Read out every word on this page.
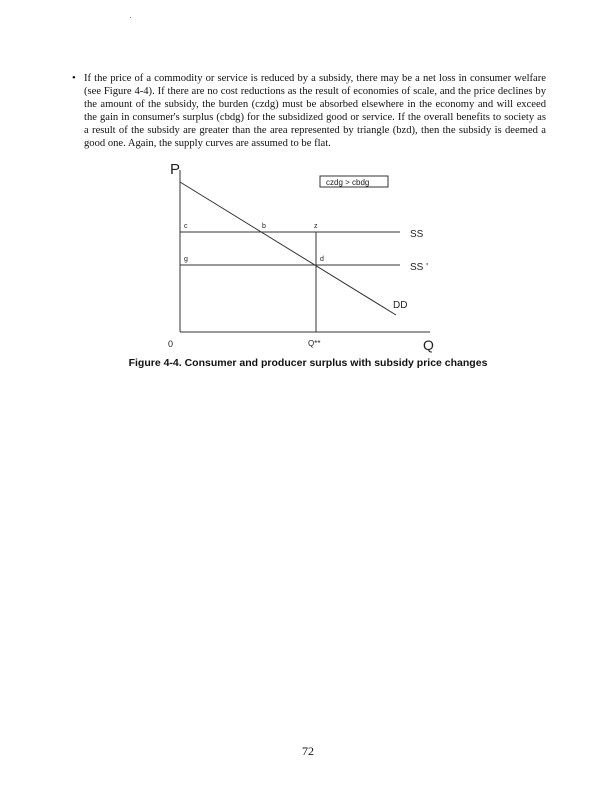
• If the price of a commodity or service is reduced by a subsidy, there may be a net loss in consumer welfare (see Figure 4-4). If there are no cost reductions as the result of economies of scale, and the price declines by the amount of the subsidy, the burden (czdg) must be absorbed elsewhere in the economy and will exceed the gain in consumer's surplus (cbdg) for the subsidized good or service. If the overall benefits to society as a result of the subsidy are greater than the area represented by triangle (bzd), then the subsidy is deemed a good one. Again, the supply curves are assumed to be flat.
P
Q
0
czdg > cbdg
c	b	z
g	d
SS
SS '
DD
Q**
Figure 4-4. Consumer and producer surplus with subsidy price changes
72
